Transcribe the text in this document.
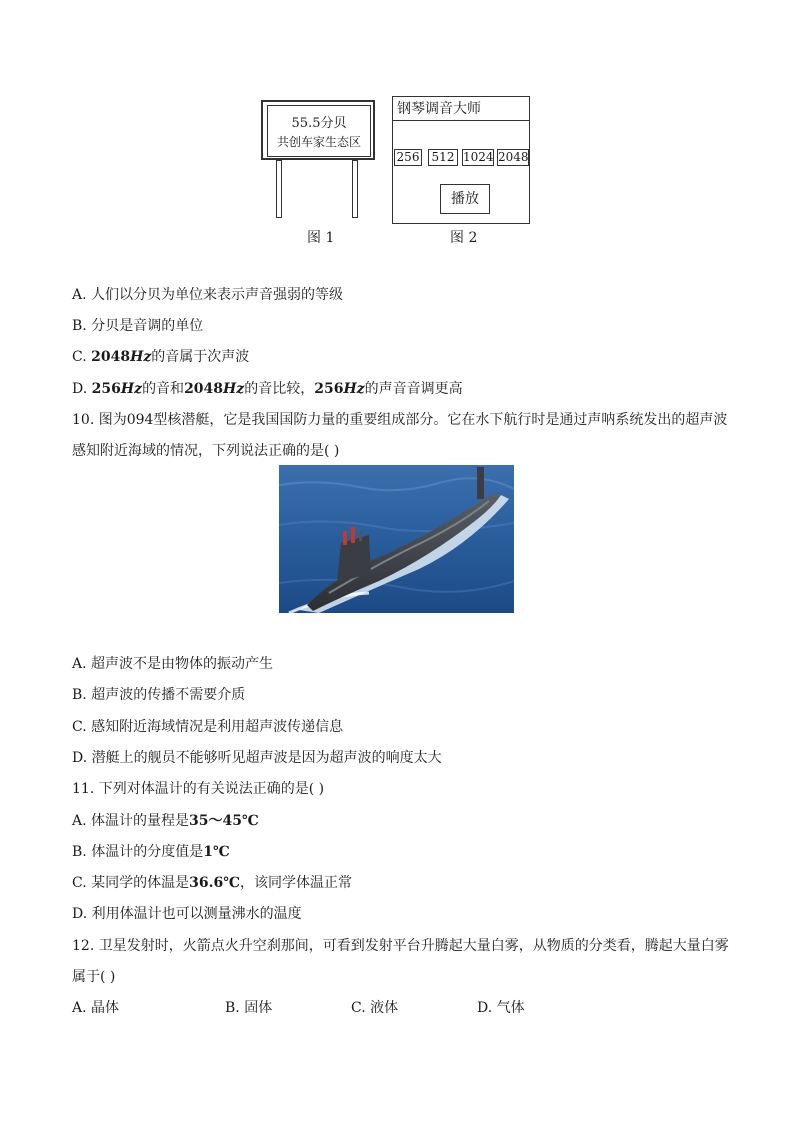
55.5分贝
共创车家生态区
图 1
钢琴调音大师
256 512 1024 2048
播放
图 2
A. 人们以分贝为单位来表示声音强弱的等级
B. 分贝是音调的单位
C. 2048Hz的音属于次声波
D. 256Hz的音和2048Hz的音比较，256Hz的声音音调更高
10. 图为094型核潜艇，它是我国国防力量的重要组成部分。它在水下航行时是通过声呐系统发出的超声波
感知附近海域的情况，下列说法正确的是( )
A. 超声波不是由物体的振动产生
B. 超声波的传播不需要介质
C. 感知附近海域情况是利用超声波传递信息
D. 潜艇上的舰员不能够听见超声波是因为超声波的响度太大
11. 下列对体温计的有关说法正确的是( )
A. 体温计的量程是35～45℃
B. 体温计的分度值是1℃
C. 某同学的体温是36.6℃，该同学体温正常
D. 利用体温计也可以测量沸水的温度
12. 卫星发射时，火箭点火升空刹那间，可看到发射平台升腾起大量白雾，从物质的分类看，腾起大量白雾
属于( )
A. 晶体	B. 固体	C. 液体	D. 气体
